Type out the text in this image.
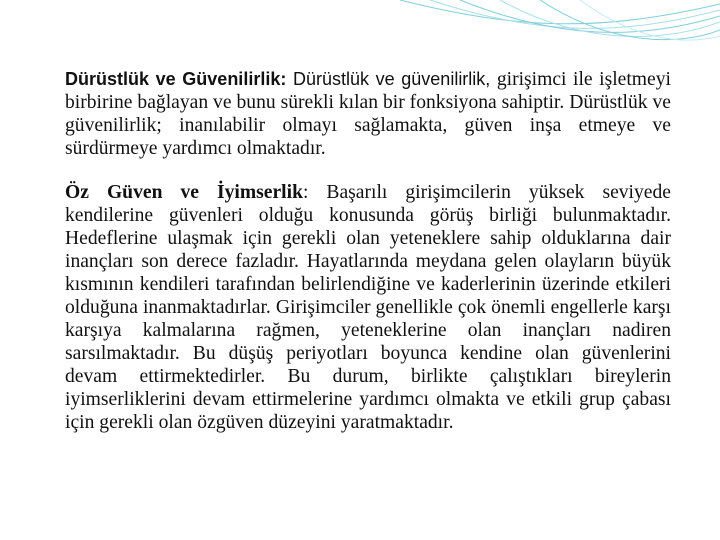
Dürüstlük ve Güvenilirlik: Dürüstlük ve güvenilirlik, girişimci ile işletmeyi birbirine bağlayan ve bunu sürekli kılan bir fonksiyona sahiptir. Dürüstlük ve güvenilirlik; inanılabilir olmayı sağlamakta, güven inşa etmeye ve sürdürmeye yardımcı olmaktadır.

Öz Güven ve İyimserlik: Başarılı girişimcilerin yüksek seviyede kendilerine güvenleri olduğu konusunda görüş birliği bulunmaktadır. Hedeflerine ulaşmak için gerekli olan yeteneklere sahip olduklarına dair inançları son derece fazladır. Hayatlarında meydana gelen olayların büyük kısmının kendileri tarafından belirlendiğine ve kaderlerinin üzerinde etkileri olduğuna inanmaktadırlar. Girişimciler genellikle çok önemli engellerle karşı karşıya kalmalarına rağmen, yeteneklerine olan inançları nadiren sarsılmaktadır. Bu düşüş periyotları boyunca kendine olan güvenlerini devam ettirmektedirler. Bu durum, birlikte çalıştıkları bireylerin iyimserliklerini devam ettirmelerine yardımcı olmakta ve etkili grup çabası için gerekli olan özgüven düzeyini yaratmaktadır.
